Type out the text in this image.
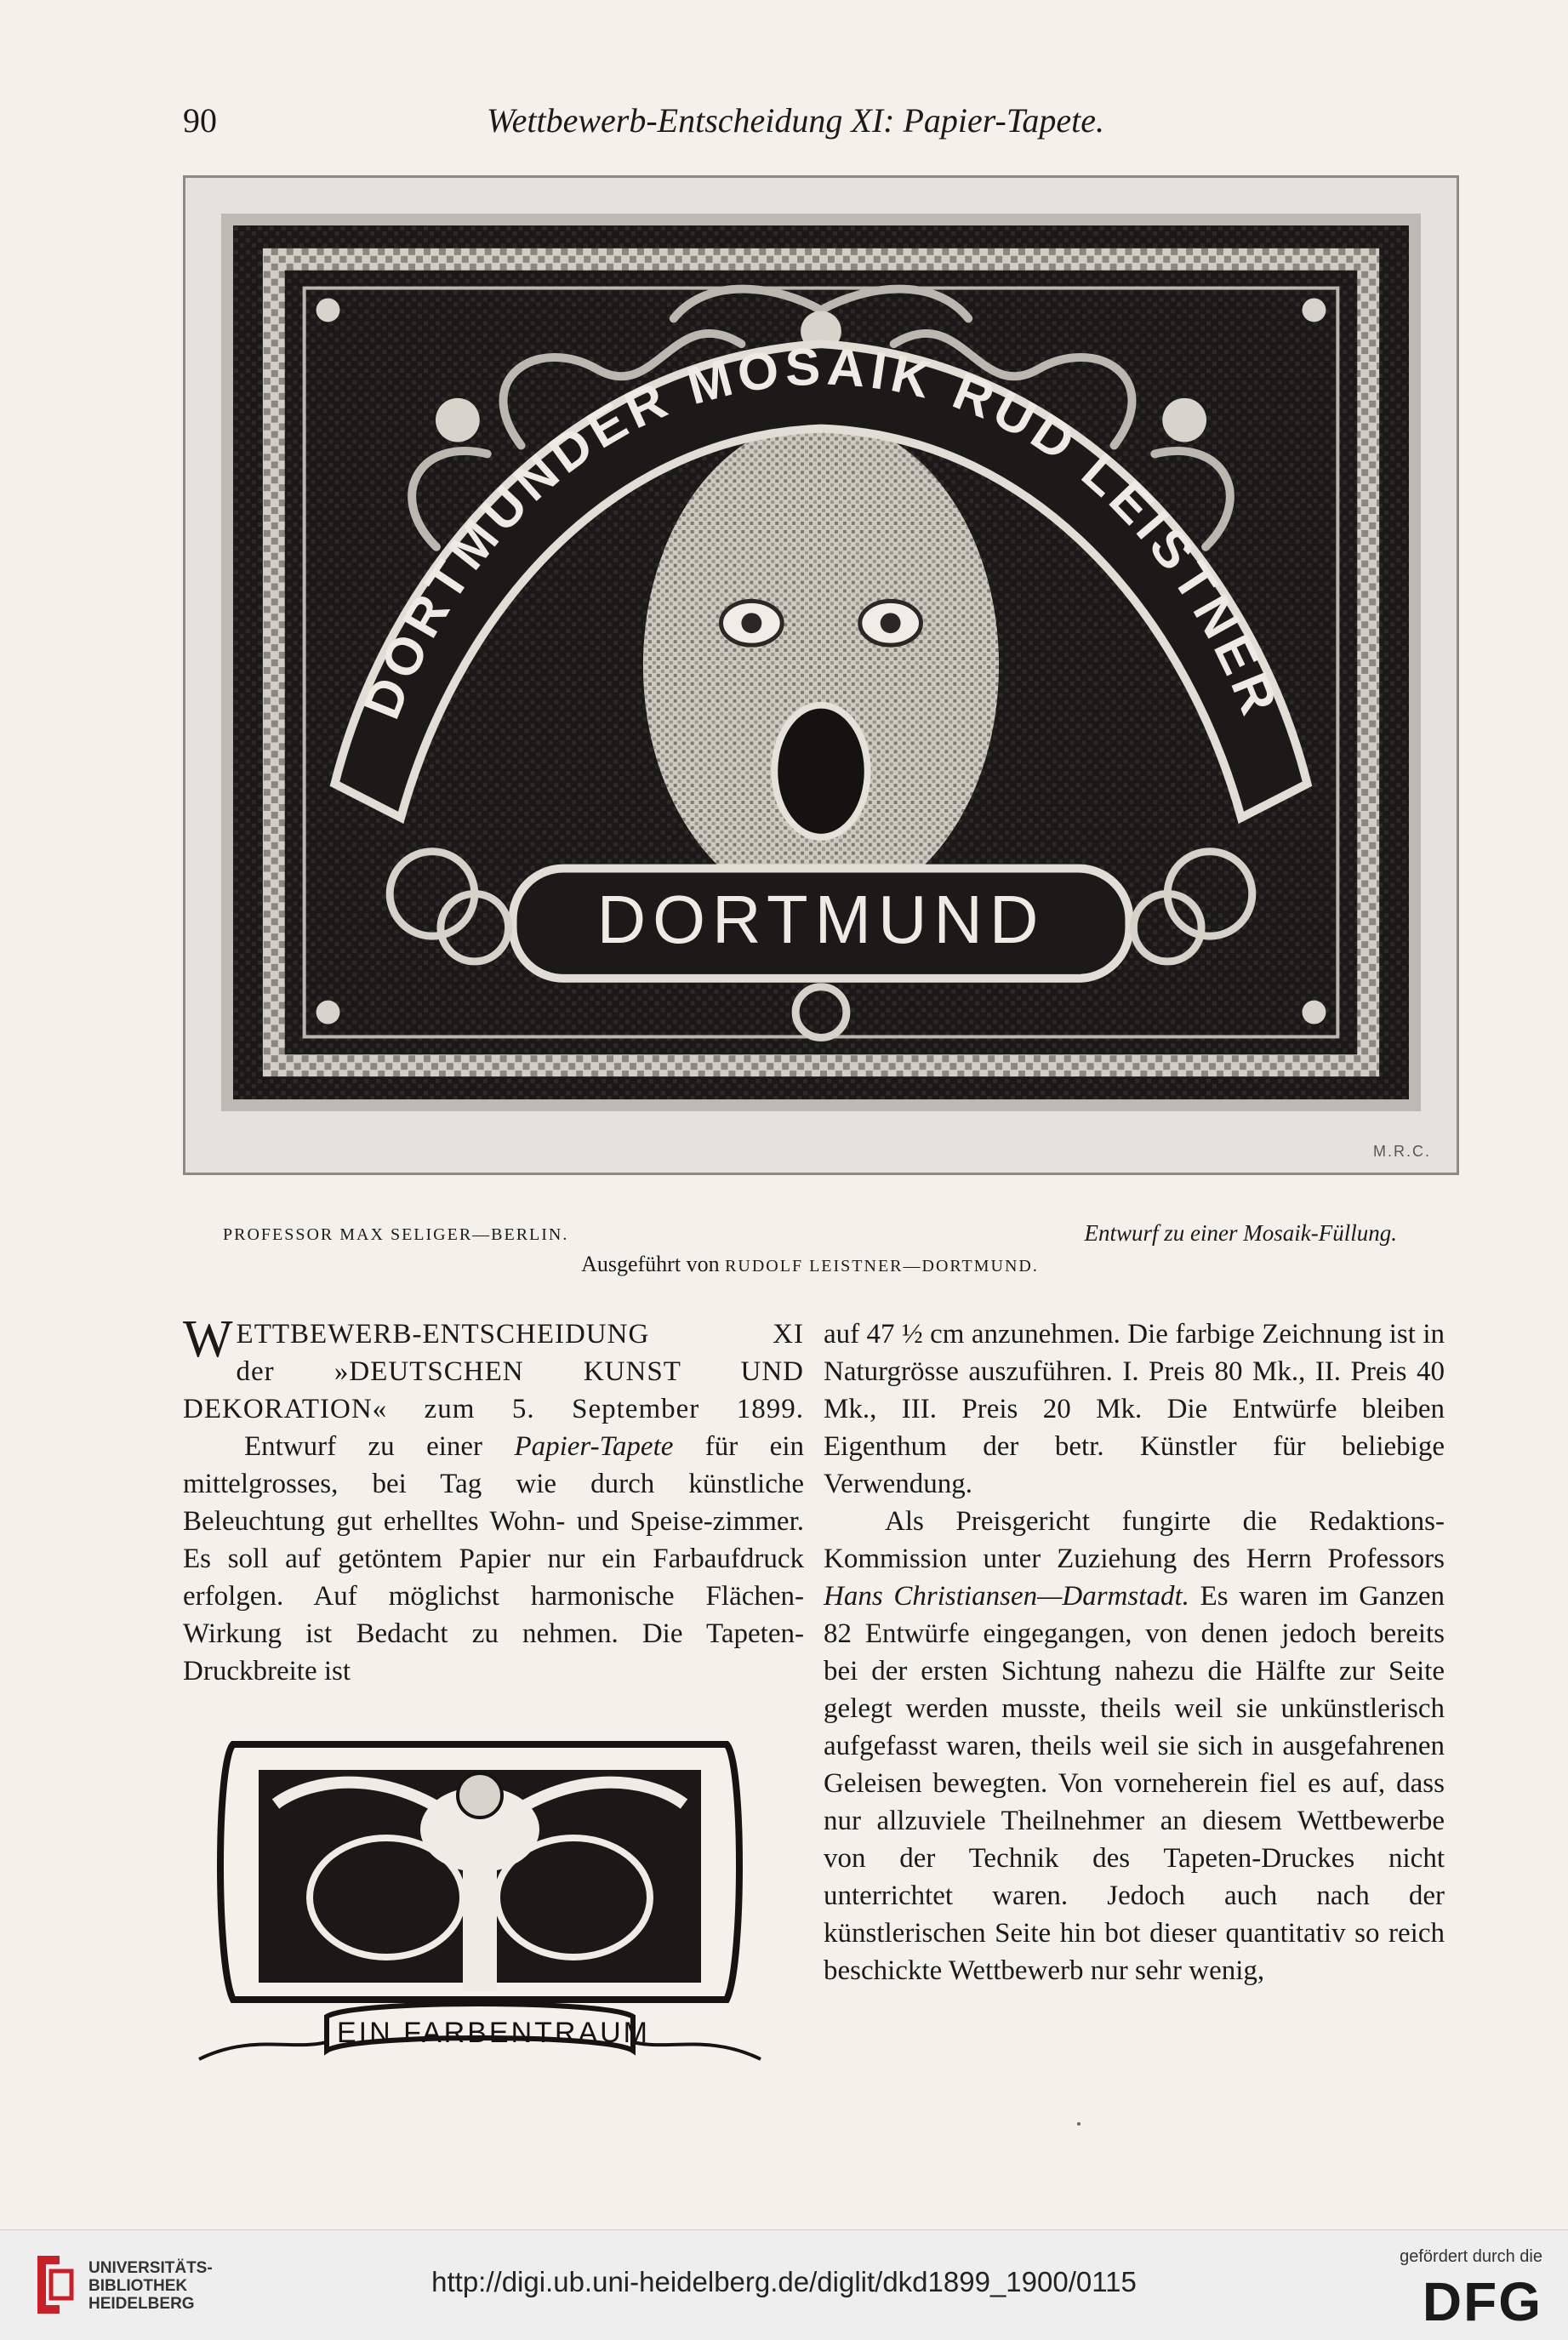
90	Wettbewerb-Entscheidung XI: Papier-Tapete.
DORTMUNDER MOSAIK RUD LEISTNER
DORTMUND
M.R.C.
PROFESSOR MAX SELIGER—BERLIN.	Entwurf zu einer Mosaik-Füllung.
Ausgeführt von RUDOLF LEISTNER—DORTMUND.
WETTBEWERB-ENTSCHEIDUNG XI
der »DEUTSCHEN KUNST UND
DEKORATION« zum 5. September 1899.

Entwurf zu einer Papier-Tapete für ein mittelgrosses, bei Tag wie durch künstliche Beleuchtung gut erhelltes Wohn- und Speise-zimmer. Es soll auf getöntem Papier nur ein Farbaufdruck erfolgen. Auf möglichst harmonische Flächen-Wirkung ist Bedacht zu nehmen. Die Tapeten-Druckbreite ist

EIN FARBENTRAUM

auf 47 ½ cm anzunehmen. Die farbige Zeichnung ist in Naturgrösse auszuführen. I. Preis 80 Mk., II. Preis 40 Mk., III. Preis 20 Mk. Die Entwürfe bleiben Eigenthum der betr. Künstler für beliebige Verwendung.

Als Preisgericht fungirte die Redaktions-Kommission unter Zuziehung des Herrn Professors Hans Christiansen—Darmstadt. Es waren im Ganzen 82 Entwürfe eingegangen, von denen jedoch bereits bei der ersten Sichtung nahezu die Hälfte zur Seite gelegt werden musste, theils weil sie unkünstlerisch aufgefasst waren, theils weil sie sich in ausgefahrenen Geleisen bewegten. Von vorneherein fiel es auf, dass nur allzuviele Theilnehmer an diesem Wettbewerbe von der Technik des Tapeten-Druckes nicht unterrichtet waren. Jedoch auch nach der künstlerischen Seite hin bot dieser quantitativ so reich beschickte Wettbewerb nur sehr wenig,

UNIVERSITÄTS-
BIBLIOTHEK
HEIDELBERG
http://digi.ub.uni-heidelberg.de/diglit/dkd1899_1900/0115
gefördert durch die
DFG
